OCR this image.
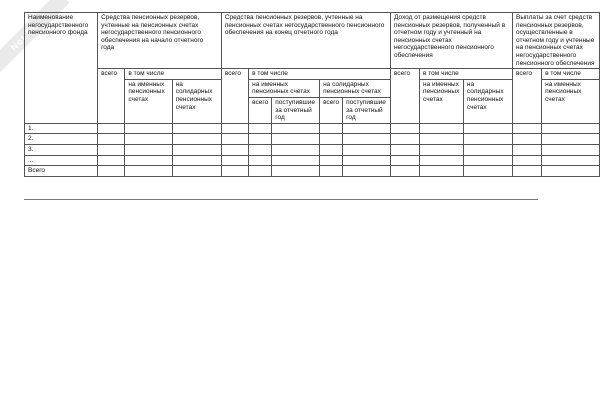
Not for
Наименование негосударственного пенсионного фонда	Средства пенсионных резервов, учтенные на пенсионных счетах негосударственного пенсионного обеспечения на начало отчетного года			Средства пенсионных резервов, учтенные на пенсионных счетах негосударственного пенсионного обеспечения на конец отчетного года					Доход от размещения средств пенсионных резервов, полученный в отчетном году и учтенный на пенсионных счетах негосударственного пенсионного обеспечения			Выплаты за счет средств пенсионных резервов, осуществленные в отчетном году и учтенные на пенсионных счетах негосударственного пенсионного обеспечения	
	всего	в том числе		всего	в том числе				всего	в том числе		всего	в том числе
		на именных пенсионных счетах	на солидарных пенсионных счетах		на именных пенсионных счетах		на солидарных пенсионных счетах			на именных пенсионных счетах	на солидарных пенсионных счетах		на именных пенсионных счетах
					всего	поступившие за отчетный год	всего	поступившие за отчетный год					
1.													
2.													
3.													
...													
Всего													
